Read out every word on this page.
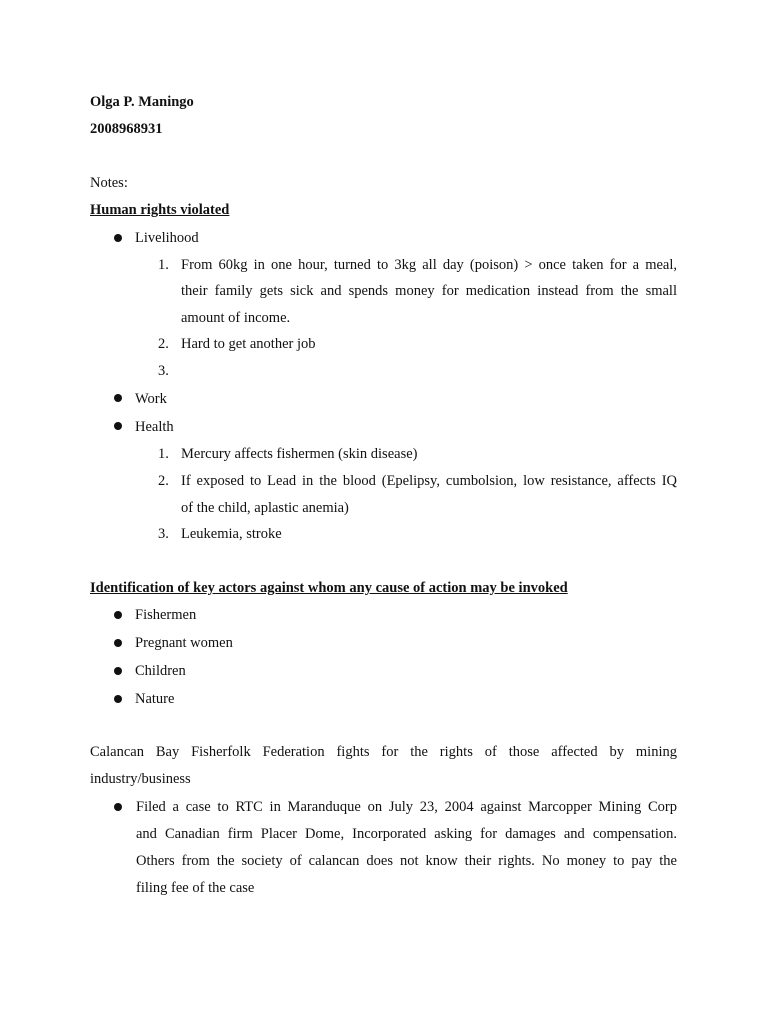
Olga P. Maningo
2008968931
Notes:
Human rights violated
Livelihood
1. From 60kg in one hour, turned to 3kg all day (poison) > once taken for a meal,
their family gets sick and spends money for medication instead from the small
amount of income.
2. Hard to get another job
3.
Work
Health
1. Mercury affects fishermen (skin disease)
2. If exposed to Lead in the blood (Epelipsy, cumbolsion, low resistance, affects IQ
of the child, aplastic anemia)
3. Leukemia, stroke
Identification of key actors against whom any cause of action may be invoked
Fishermen
Pregnant women
Children
Nature
Calancan Bay Fisherfolk Federation fights for the rights of those affected by mining
industry/business
Filed a case to RTC in Maranduque on July 23, 2004 against Marcopper Mining Corp
and Canadian firm Placer Dome, Incorporated asking for damages and compensation.
Others from the society of calancan does not know their rights. No money to pay the
filing fee of the case
